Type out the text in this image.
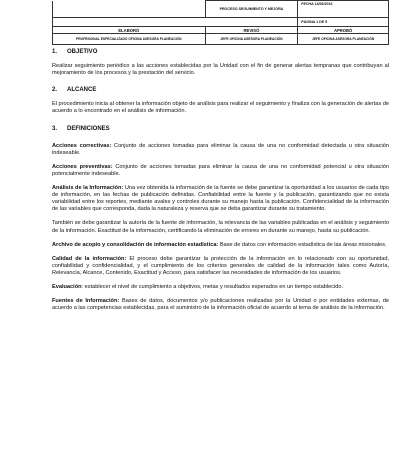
	PROCESO SEGUIMIENTO Y MEJORA	FECHA 14/06/2016

		PÁGINA 1 DE 5
ELABORÓ	REVISÓ	APROBÓ
PROFESIONAL ESPECIALIZADO OFICINA ASESORA PLANEACIÓN	JEFE OFICINA ASESORA PLANEACIÓN	JEFE OFICINA ASESORA PLANEACIÓN
1. OBJETIVO

Realizar seguimiento periódico a las acciones establecidas por la Unidad con el fin de generar alertas tempranas que contribuyan al mejoramiento de los procesos y la prestación del servicio.

2. ALCANCE

El procedimiento inicia al obtener la información objeto de análisis para realizar el seguimiento y finaliza con la generación de alertas de acuerdo a lo encontrado en el análisis de información.

3. DEFINICIONES

Acciones correctivas: Conjunto de acciones tomadas para eliminar la causa de una no conformidad detectada u otra situación indeseable.

Acciones preventivas: Conjunto de acciones tomadas para eliminar la causa de una no conformidad potencial u otra situación potencialmente indeseable.

Análisis de la Información: Una vez obtenida la información de la fuente se debe garantizar la oportunidad a los usuarios de cada tipo de información, en las fechas de publicación definidas. Confiabilidad entre la fuente y la publicación, garantizando que no exista variabilidad entre los reportes, mediante avales y controles durante su manejo hasta la publicación. Confidencialidad de la información de las variables que corresponda, dada la naturaleza y reserva que se deba garantizar durante su tratamiento.

También se debe garantizar la autoría de la fuente de información, la relevancia de las variables publicadas en el análisis y seguimiento de la información. Exactitud de la información, certificando la eliminación de errores en durante su manejo, hasta su publicación.

Archivo de acopio y consolidación de información estadística: Base de datos con información estadística de las áreas misionales.

Calidad de la información: El proceso debe garantizar la protección de la información en lo relacionado con su oportunidad, confiabilidad y confidencialidad, y el cumplimiento de los criterios generales de calidad de la información tales como Autoría, Relevancia, Alcance, Contenido, Exactitud y Acceso, para satisfacer las necesidades de información de los usuarios.

Evaluación: establecer el nivel de cumplimiento a objetivos, metas y resultados esperados en un tiempo establecido.

Fuentes de Información: Bases de datos, documentos y/o publicaciones realizadas por la Unidad o por entidades externas, de acuerdo a las competencias establecidas, para el suministro de la información oficial de acuerdo al tema de análisis de la información.
